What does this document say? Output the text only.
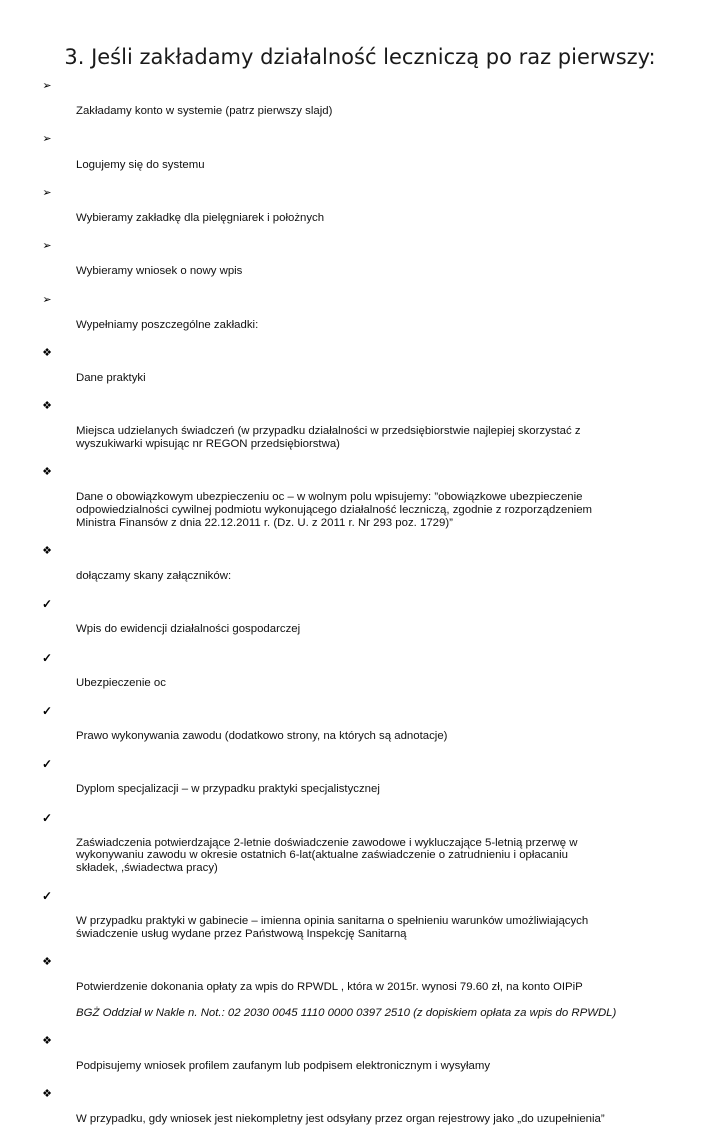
3. Jeśli zakładamy działalność leczniczą po raz pierwszy:

➢

Zakładamy konto w systemie (patrz pierwszy slajd)

➢

Logujemy się do systemu

➢

Wybieramy zakładkę dla pielęgniarek i położnych

➢

Wybieramy wniosek o nowy wpis

➢

Wypełniamy poszczególne zakładki:

❖

Dane praktyki

❖

Miejsca udzielanych świadczeń (w przypadku działalności w przedsiębiorstwie najlepiej skorzystać z
wyszukiwarki wpisując nr REGON przedsiębiorstwa)

❖

Dane o obowiązkowym ubezpieczeniu oc – w wolnym polu wpisujemy: ”obowiązkowe ubezpieczenie
odpowiedzialności cywilnej podmiotu wykonującego działalność leczniczą, zgodnie z rozporządzeniem
Ministra Finansów z dnia 22.12.2011 r. (Dz. U. z 2011 r. Nr 293 poz. 1729)”

❖

dołączamy skany załączników:

✓

Wpis do ewidencji działalności gospodarczej

✓

Ubezpieczenie oc

✓

Prawo wykonywania zawodu (dodatkowo strony, na których są adnotacje)

✓

Dyplom specjalizacji – w przypadku praktyki specjalistycznej

✓

Zaświadczenia potwierdzające 2-letnie doświadczenie zawodowe i wykluczające 5-letnią przerwę w
wykonywaniu zawodu w okresie ostatnich 6-lat(aktualne zaświadczenie o zatrudnieniu i opłacaniu
składek, ,świadectwa pracy)

✓

W przypadku praktyki w gabinecie – imienna opinia sanitarna o spełnieniu warunków umożliwiających
świadczenie usług wydane przez Państwową Inspekcję Sanitarną

❖

Potwierdzenie dokonania opłaty za wpis do RPWDL , która w 2015r. wynosi 79.60 zł, na konto OIPiP

BGŻ Oddział w Nakle n. Not.: 02 2030 0045 1110 0000 0397 2510 (z dopiskiem opłata za wpis do RPWDL)

❖

Podpisujemy wniosek profilem zaufanym lub podpisem elektronicznym i wysyłamy

❖

W przypadku, gdy wniosek jest niekompletny jest odsyłany przez organ rejestrowy jako „do uzupełnienia”
